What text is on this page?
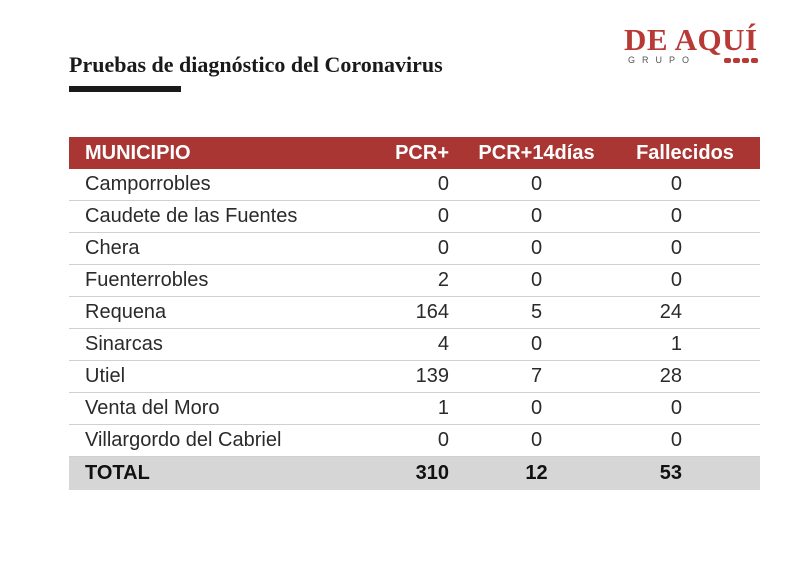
Pruebas de diagnóstico del Coronavirus
DE AQUÍ
GRUPO
MUNICIPIO	PCR+	PCR+14días	Fallecidos
Camporrobles	0	0	0
Caudete de las Fuentes	0	0	0
Chera	0	0	0
Fuenterrobles	2	0	0
Requena	164	5	24
Sinarcas	4	0	1
Utiel	139	7	28
Venta del Moro	1	0	0
Villargordo del Cabriel	0	0	0
TOTAL	310	12	53
